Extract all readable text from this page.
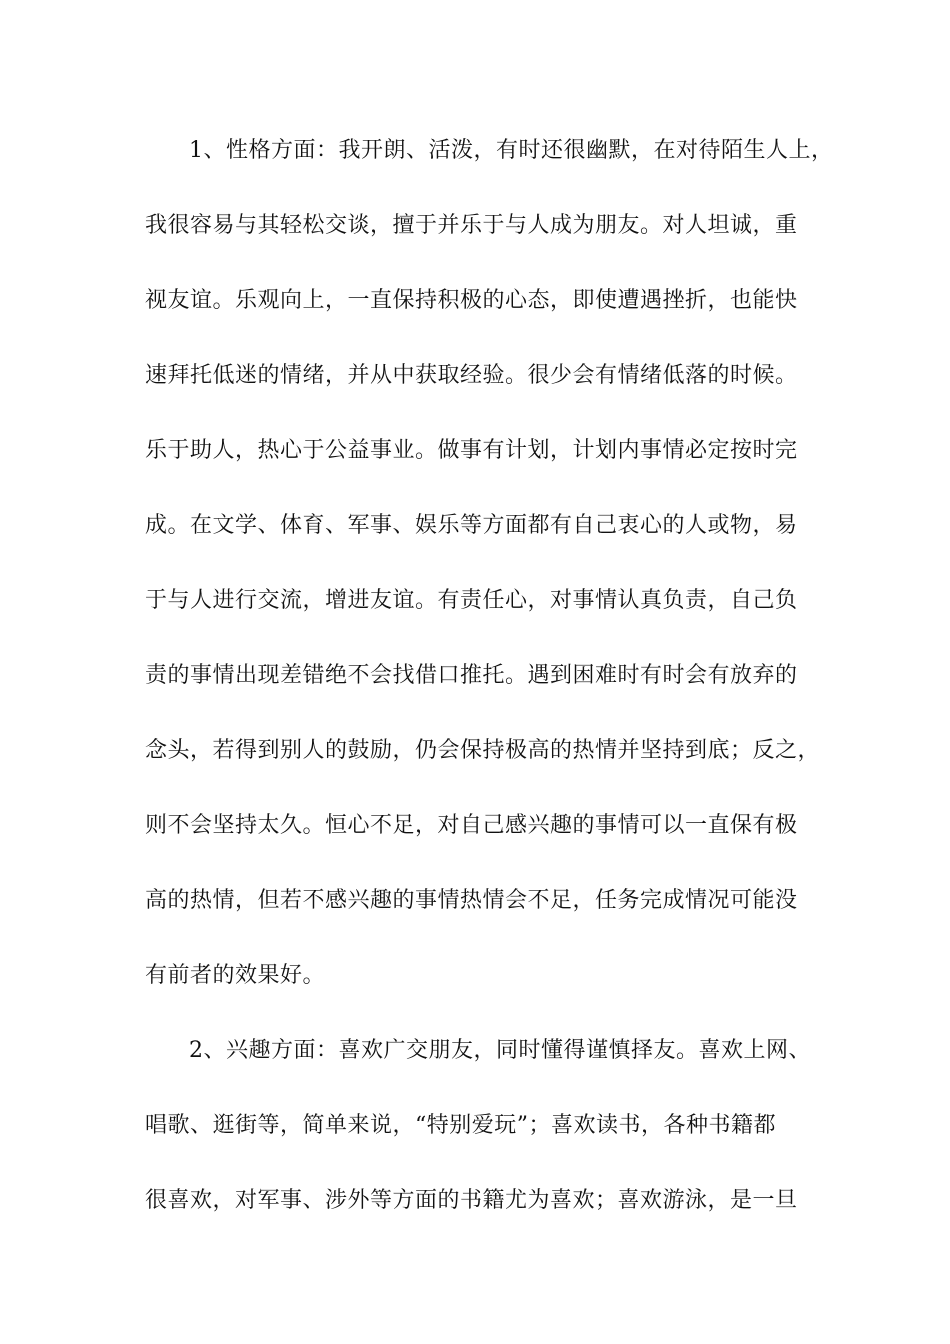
1、性格方面：我开朗、活泼，有时还很幽默，在对待陌生人上，
我很容易与其轻松交谈，擅于并乐于与人成为朋友。对人坦诚，重
视友谊。乐观向上，一直保持积极的心态，即使遭遇挫折，也能快
速拜托低迷的情绪，并从中获取经验。很少会有情绪低落的时候。
乐于助人，热心于公益事业。做事有计划，计划内事情必定按时完
成。在文学、体育、军事、娱乐等方面都有自己衷心的人或物，易
于与人进行交流，增进友谊。有责任心，对事情认真负责，自己负
责的事情出现差错绝不会找借口推托。遇到困难时有时会有放弃的
念头，若得到别人的鼓励，仍会保持极高的热情并坚持到底；反之，
则不会坚持太久。恒心不足，对自己感兴趣的事情可以一直保有极
高的热情，但若不感兴趣的事情热情会不足，任务完成情况可能没
有前者的效果好。
2、兴趣方面：喜欢广交朋友，同时懂得谨慎择友。喜欢上网、
唱歌、逛街等，简单来说，“特别爱玩”；喜欢读书，各种书籍都
很喜欢，对军事、涉外等方面的书籍尤为喜欢；喜欢游泳，是一旦
